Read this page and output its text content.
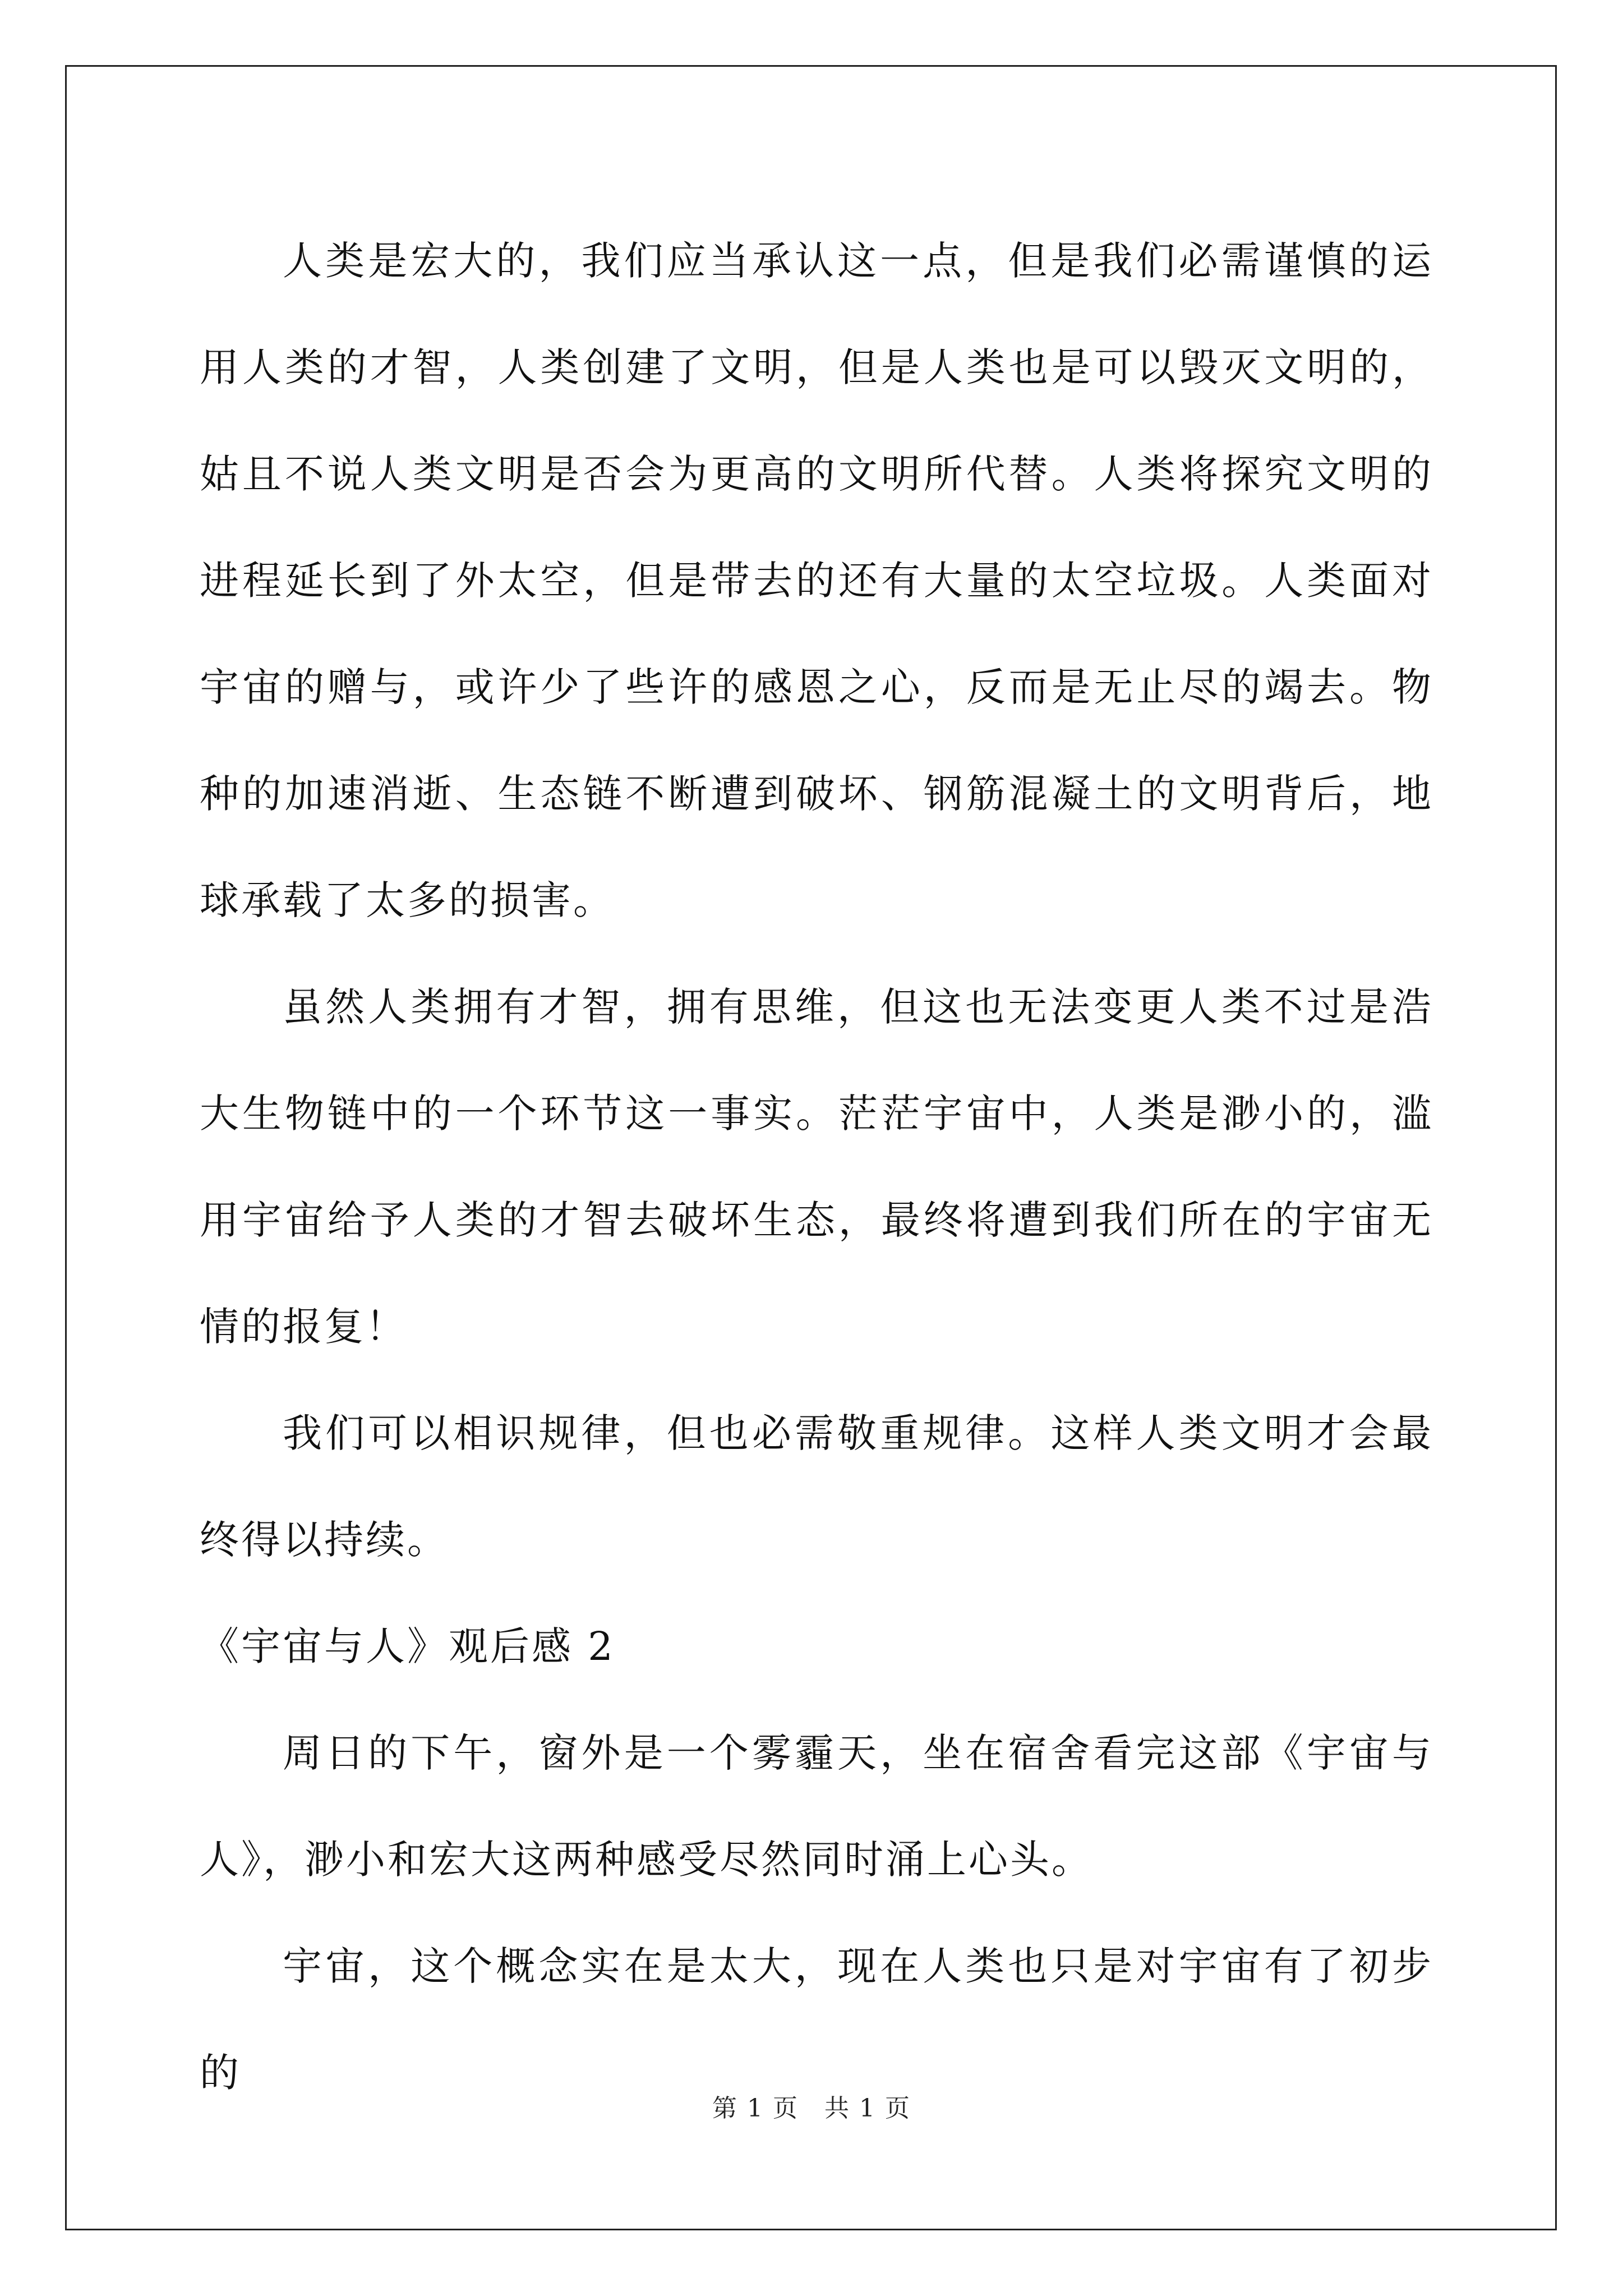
人类是宏大的，我们应当承认这一点，但是我们必需谨慎的运用人类的才智，人类创建了文明，但是人类也是可以毁灭文明的，姑且不说人类文明是否会为更高的文明所代替。人类将探究文明的进程延长到了外太空，但是带去的还有大量的太空垃圾。人类面对宇宙的赠与，或许少了些许的感恩之心，反而是无止尽的竭去。物种的加速消逝、生态链不断遭到破坏、钢筋混凝土的文明背后，地球承载了太多的损害。

虽然人类拥有才智，拥有思维，但这也无法变更人类不过是浩大生物链中的一个环节这一事实。茫茫宇宙中，人类是渺小的，滥用宇宙给予人类的才智去破坏生态，最终将遭到我们所在的宇宙无情的报复！

我们可以相识规律，但也必需敬重规律。这样人类文明才会最终得以持续。

《宇宙与人》观后感 2

周日的下午，窗外是一个雾霾天，坐在宿舍看完这部《宇宙与人》，渺小和宏大这两种感受尽然同时涌上心头。

宇宙，这个概念实在是太大，现在人类也只是对宇宙有了初步的

第 1 页　共 1 页
